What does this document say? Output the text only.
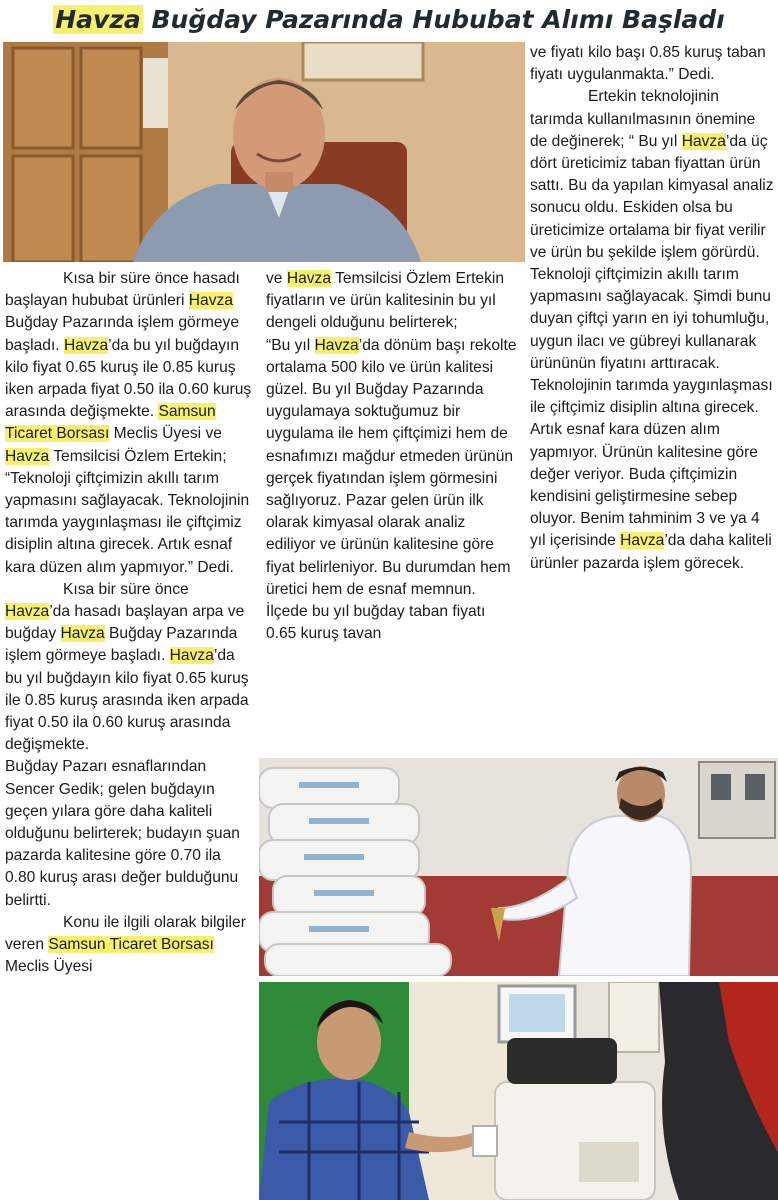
Havza Buğday Pazarında Hububat Alımı Başladı

Kısa bir süre önce hasadı başlayan hububat ürünleri Havza Buğday Pazarında işlem görmeye başladı. Havza’da bu yıl buğdayın kilo fiyat 0.65 kuruş ile 0.85 kuruş iken arpada fiyat 0.50 ila 0.60 kuruş arasında değişmekte. Samsun Ticaret Borsası Meclis Üyesi ve Havza Temsilcisi Özlem Ertekin; “Teknoloji çiftçimizin akıllı tarım yapmasını sağlayacak. Teknolojinin tarımda yaygınlaşması ile çiftçimiz disiplin altına girecek. Artık esnaf kara düzen alım yapmıyor.” Dedi.

Kısa bir süre önce Havza’da hasadı başlayan arpa ve buğday Havza Buğday Pazarında işlem görmeye başladı. Havza’da bu yıl buğdayın kilo fiyat 0.65 kuruş ile 0.85 kuruş arasında iken arpada fiyat 0.50 ila 0.60 kuruş arasında değişmekte.

Buğday Pazarı esnaflarından Sencer Gedik; gelen buğdayın geçen yılara göre daha kaliteli olduğunu belirterek; budayın şuan pazarda kalitesine göre 0.70 ila 0.80 kuruş arası değer bulduğunu belirtti.

Konu ile ilgili olarak bilgiler veren Samsun Ticaret Borsası Meclis Üyesi

ve Havza Temsilcisi Özlem Ertekin fiyatların ve ürün kalitesinin bu yıl dengeli olduğunu belirterek;

“Bu yıl Havza’da dönüm başı rekolte ortalama 500 kilo ve ürün kalitesi güzel. Bu yıl Buğday Pazarında uygulamaya soktuğumuz bir uygulama ile hem çiftçimizi hem de esnafımızı mağdur etmeden ürünün gerçek fiyatından işlem görmesini sağlıyoruz. Pazar gelen ürün ilk olarak kimyasal olarak analiz ediliyor ve ürünün kalitesine göre fiyat belirleniyor. Bu durumdan hem üretici hem de esnaf memnun. İlçede bu yıl buğday taban fiyatı 0.65 kuruş tavan

ve fiyatı kilo başı 0.85 kuruş taban fiyatı uygulanmakta.” Dedi.

Ertekin teknolojinin tarımda kullanılmasının önemine de değinerek; “ Bu yıl Havza’da üç dört üreticimiz taban fiyattan ürün sattı. Bu da yapılan kimyasal analiz sonucu oldu. Eskiden olsa bu üreticimize ortalama bir fiyat verilir ve ürün bu şekilde işlem görürdü. Teknoloji çiftçimizin akıllı tarım yapmasını sağlayacak. Şimdi bunu duyan çiftçi yarın en iyi tohumluğu, uygun ilacı ve gübreyi kullanarak ürününün fiyatını arttıracak. Teknolojinin tarımda yaygınlaşması ile çiftçimiz disiplin altına girecek. Artık esnaf kara düzen alım yapmıyor. Ürünün kalitesine göre değer veriyor. Buda çiftçimizin kendisini geliştirmesine sebep oluyor. Benim tahminim 3 ve ya 4 yıl içerisinde Havza’da daha kaliteli ürünler pazarda işlem görecek.
